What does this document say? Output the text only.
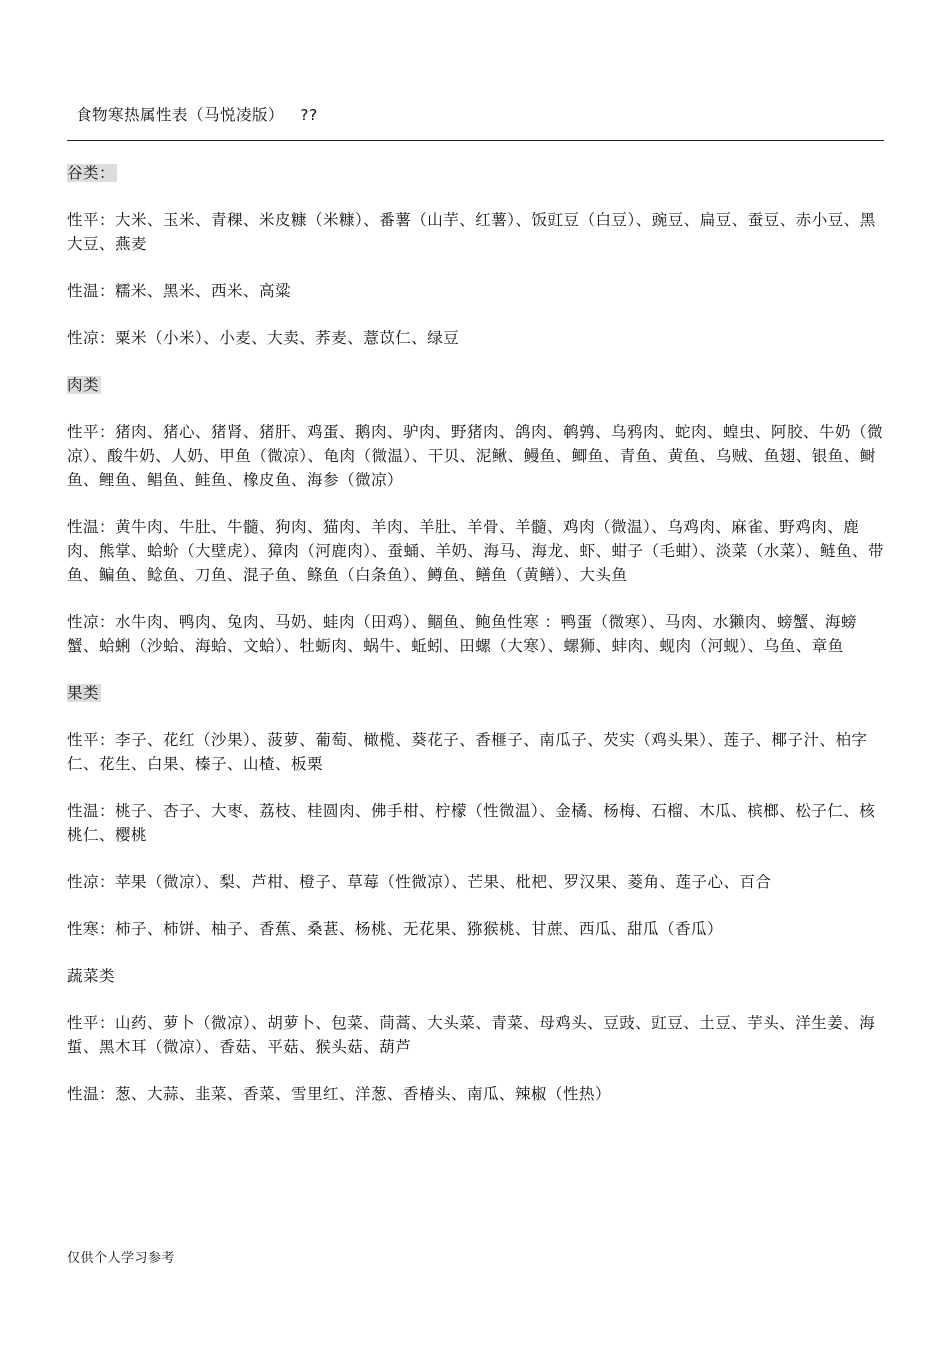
食物寒热属性表（马悦凌版）   ??

谷类：

性平：大米、玉米、青稞、米皮糠（米糠）、番薯（山芋、红薯）、饭豇豆（白豆）、豌豆、扁豆、蚕豆、赤小豆、黑大豆、燕麦

性温：糯米、黑米、西米、高粱

性凉：粟米（小米）、小麦、大卖、荞麦、薏苡仁、绿豆

肉类

性平：猪肉、猪心、猪肾、猪肝、鸡蛋、鹅肉、驴肉、野猪肉、鸽肉、鹌鹑、乌鸦肉、蛇肉、蝗虫、阿胶、牛奶（微凉）、酸牛奶、人奶、甲鱼（微凉）、龟肉（微温）、干贝、泥鳅、鳗鱼、鲫鱼、青鱼、黄鱼、乌贼、鱼翅、银鱼、鲥鱼、鲤鱼、鲳鱼、鲑鱼、橡皮鱼、海参（微凉）

性温：黄牛肉、牛肚、牛髓、狗肉、猫肉、羊肉、羊肚、羊骨、羊髓、鸡肉（微温）、乌鸡肉、麻雀、野鸡肉、鹿肉、熊掌、蛤蚧（大壁虎）、獐肉（河鹿肉）、蚕蛹、羊奶、海马、海龙、虾、蚶子（毛蚶）、淡菜（水菜）、鲢鱼、带鱼、鳊鱼、鲶鱼、刀鱼、混子鱼、鲦鱼（白条鱼）、鳟鱼、鳝鱼（黄鳝）、大头鱼

性凉：水牛肉、鸭肉、兔肉、马奶、蛙肉（田鸡）、鲴鱼、鲍鱼性寒 ：鸭蛋（微寒）、马肉、水獭肉、螃蟹、海螃蟹、蛤蜊（沙蛤、海蛤、文蛤）、牡蛎肉、蜗牛、蚯蚓、田螺（大寒）、螺狮、蚌肉、蚬肉（河蚬）、乌鱼、章鱼

果类

性平：李子、花红（沙果）、菠萝、葡萄、橄榄、葵花子、香榧子、南瓜子、芡实（鸡头果）、莲子、椰子汁、柏字仁、花生、白果、榛子、山楂、板栗

性温：桃子、杏子、大枣、荔枝、桂圆肉、佛手柑、柠檬（性微温）、金橘、杨梅、石榴、木瓜、槟榔、松子仁、核桃仁、樱桃

性凉：苹果（微凉）、梨、芦柑、橙子、草莓（性微凉）、芒果、枇杷、罗汉果、菱角、莲子心、百合

性寒：柿子、柿饼、柚子、香蕉、桑葚、杨桃、无花果、猕猴桃、甘蔗、西瓜、甜瓜（香瓜）

蔬菜类

性平：山药、萝卜（微凉）、胡萝卜、包菜、茼蒿、大头菜、青菜、母鸡头、豆豉、豇豆、土豆、芋头、洋生姜、海蜇、黑木耳（微凉）、香菇、平菇、猴头菇、葫芦

性温：葱、大蒜、韭菜、香菜、雪里红、洋葱、香椿头、南瓜、辣椒（性热）

仅供个人学习参考
